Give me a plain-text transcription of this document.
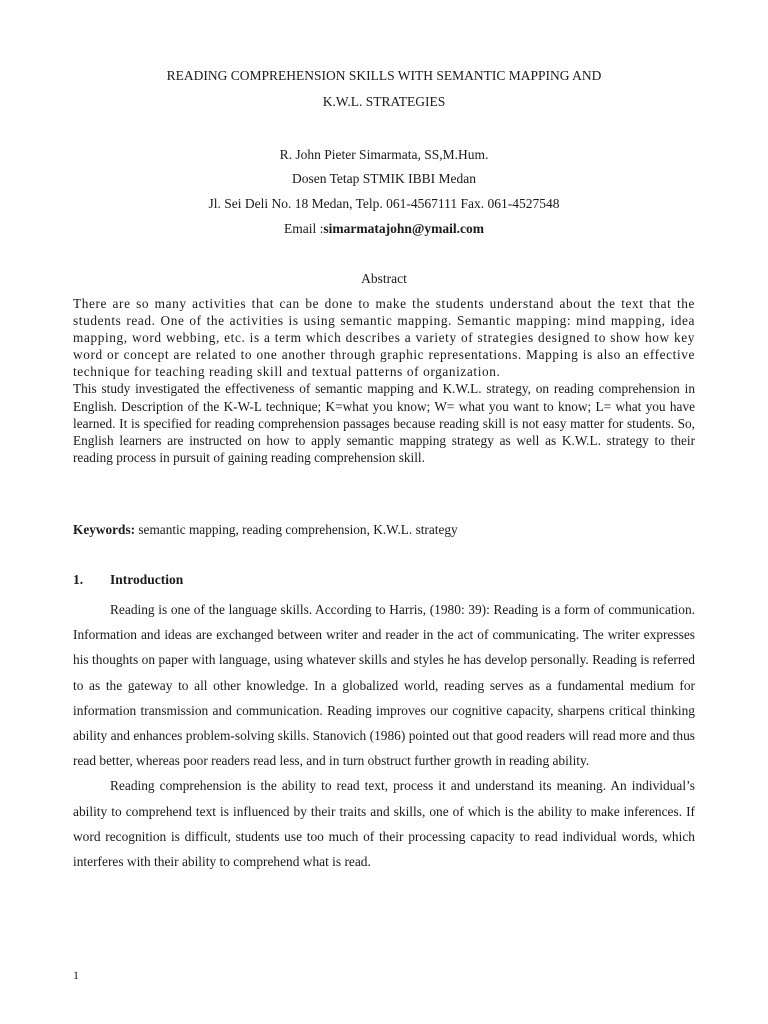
READING COMPREHENSION SKILLS WITH SEMANTIC MAPPING AND
K.W.L. STRATEGIES
R. John Pieter Simarmata, SS,M.Hum.
Dosen Tetap STMIK IBBI Medan
Jl. Sei Deli No. 18 Medan, Telp. 061-4567111 Fax. 061-4527548
Email :simarmatajohn@ymail.com
Abstract

There are so many activities that can be done to make the students understand about the text that the students read. One of the activities is using semantic mapping. Semantic mapping: mind mapping, idea mapping, word webbing, etc. is a term which describes a variety of strategies designed to show how key word or concept are related to one another through graphic representations. Mapping is also an effective technique for teaching reading skill and textual patterns of organization.

This study investigated the effectiveness of semantic mapping and K.W.L. strategy, on reading comprehension in English. Description of the K-W-L technique; K=what you know; W= what you want to know; L= what you have learned. It is specified for reading comprehension passages because reading skill is not easy matter for students. So, English learners are instructed on how to apply semantic mapping strategy as well as K.W.L. strategy to their reading process in pursuit of gaining reading comprehension skill.

Keywords: semantic mapping, reading comprehension, K.W.L. strategy
1. Introduction

Reading is one of the language skills. According to Harris, (1980: 39): Reading is a form of communication. Information and ideas are exchanged between writer and reader in the act of communicating. The writer expresses his thoughts on paper with language, using whatever skills and styles he has develop personally. Reading is referred to as the gateway to all other knowledge. In a globalized world, reading serves as a fundamental medium for information transmission and communication. Reading improves our cognitive capacity, sharpens critical thinking ability and enhances problem-solving skills. Stanovich (1986) pointed out that good readers will read more and thus read better, whereas poor readers read less, and in turn obstruct further growth in reading ability.

Reading comprehension is the ability to read text, process it and understand its meaning. An individual’s ability to comprehend text is influenced by their traits and skills, one of which is the ability to make inferences. If word recognition is difficult, students use too much of their processing capacity to read individual words, which interferes with their ability to comprehend what is read.

1
